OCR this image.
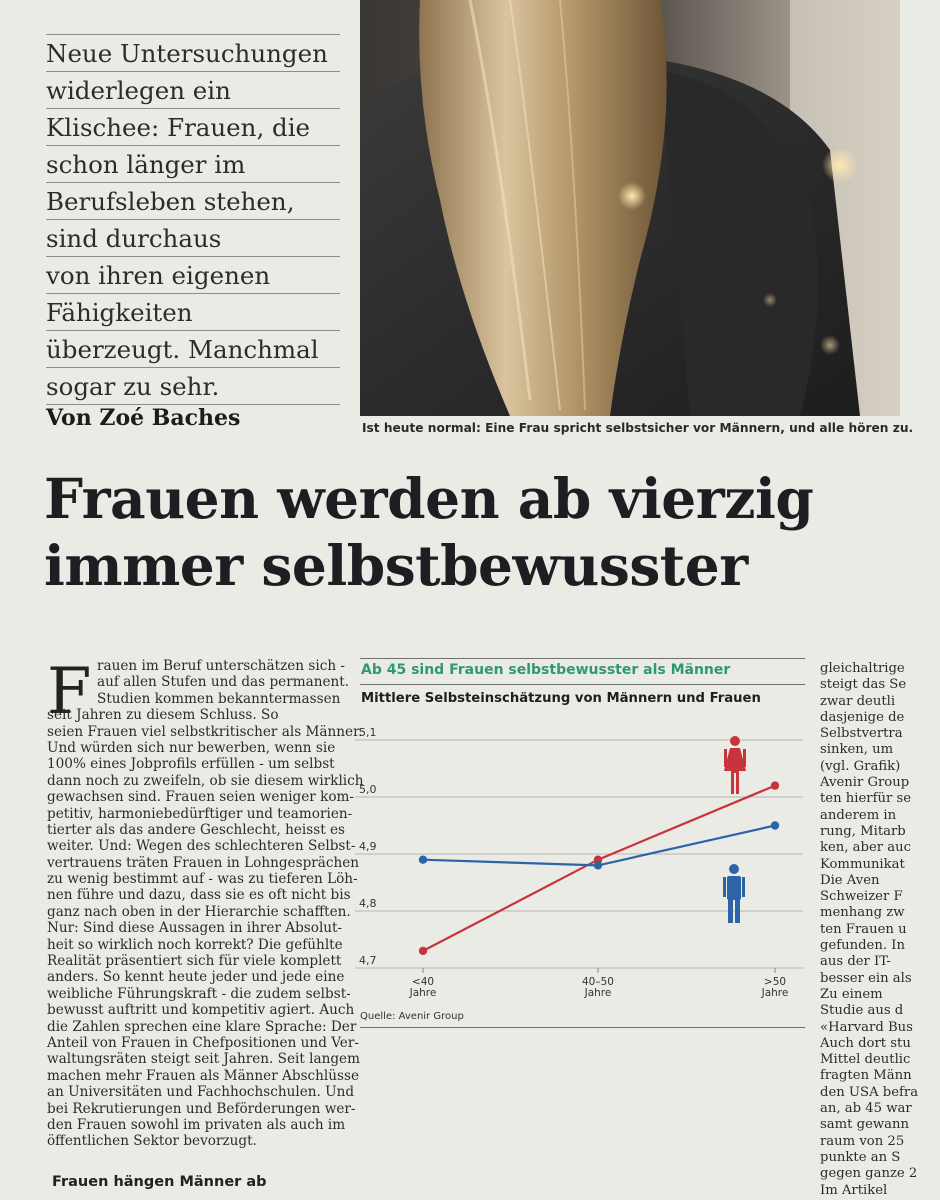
Neue Untersuchungen
widerlegen ein
Klischee: Frauen, die
schon länger im
Berufsleben stehen,
sind durchaus
von ihren eigenen
Fähigkeiten
überzeugt. Manchmal
sogar zu sehr.
Von Zoé Baches	Ist heute normal: Eine Frau spricht selbstsicher vor Männern, und alle hören zu.
Frauen werden ab vierzig
immer selbstbewusster
F rauen im Beruf unterschätzen sich -
auf allen Stufen und das permanent.
Studien kommen bekanntermassen
seit Jahren zu diesem Schluss. So
seien Frauen viel selbstkritischer als Männer.
Und würden sich nur bewerben, wenn sie
100% eines Jobprofils erfüllen - um selbst
dann noch zu zweifeln, ob sie diesem wirklich
gewachsen sind. Frauen seien weniger kom-
petitiv, harmoniebedürftiger und teamorien-
tierter als das andere Geschlecht, heisst es
weiter. Und: Wegen des schlechteren Selbst-
vertrauens träten Frauen in Lohngesprächen
zu wenig bestimmt auf - was zu tieferen Löh-
nen führe und dazu, dass sie es oft nicht bis
ganz nach oben in der Hierarchie schafften.
Nur: Sind diese Aussagen in ihrer Absolut-
heit so wirklich noch korrekt? Die gefühlte
Realität präsentiert sich für viele komplett
anders. So kennt heute jeder und jede eine
weibliche Führungskraft - die zudem selbst-
bewusst auftritt und kompetitiv agiert. Auch
die Zahlen sprechen eine klare Sprache: Der
Anteil von Frauen in Chefpositionen und Ver-
waltungsräten steigt seit Jahren. Seit langem
machen mehr Frauen als Männer Abschlüsse
an Universitäten und Fachhochschulen. Und
bei Rekrutierungen und Beförderungen wer-
den Frauen sowohl im privaten als auch im
öffentlichen Sektor bevorzugt.
Frauen hängen Männer ab
gleichaltrige
steigt das Se
zwar deutli
dasjenige de
Selbstvertra
sinken, um
(vgl. Grafik)
Avenir Group
ten hierfür se
anderem in
rung, Mitarb
ken, aber auc
Kommunikat
Die Aven
Schweizer F
menhang zw
ten Frauen u
gefunden. In
aus der IT-
besser ein als
Zu einem
Studie aus d
«Harvard Bus
Auch dort stu
Mittel deutlic
fragten Männ
den USA befra
an, ab 45 war
samt gewann
raum von 25
punkte an S
gegen ganze 2
Im Artikel
Ab 45 sind Frauen selbstbewusster als Männer
Mittlere Selbsteinschätzung von Männern und Frauen
5,1
5,0
4,9
4,8
4,7
<40
Jahre
40–50
Jahre
>50
Jahre
Quelle: Avenir Group
